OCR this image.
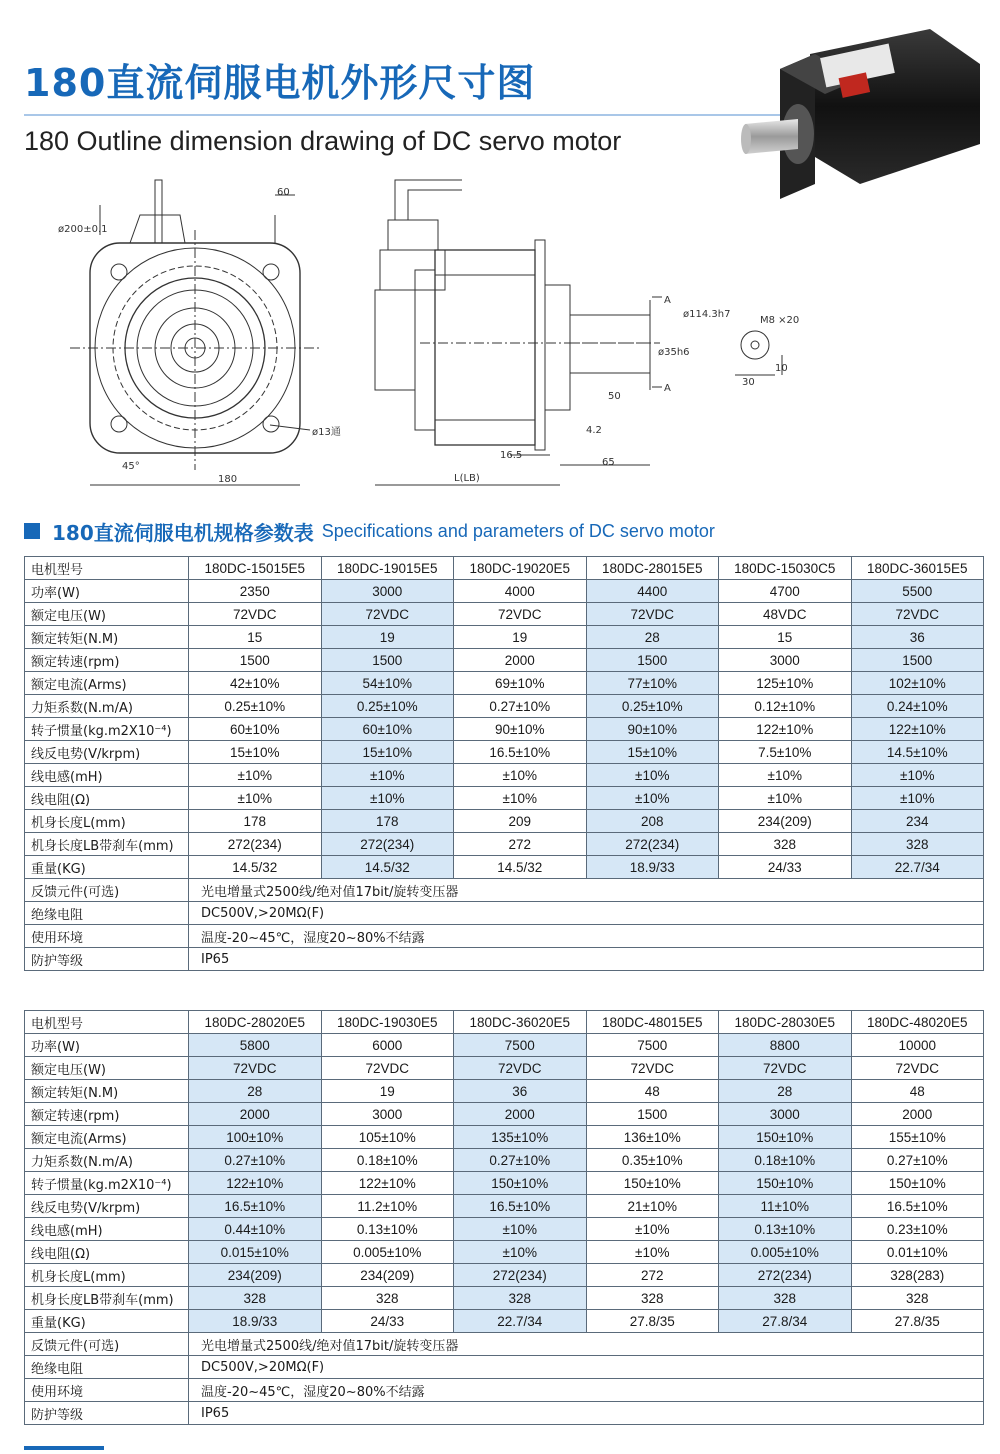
180直流伺服电机外形尺寸图
180 Outline dimension drawing of DC servo motor
ø200±0.1
60
ø13通
45°
180
A
A
ø114.3h7
ø35h6
50
4.2
16.5
65
L(LB)
M8 ×20
30
10
180直流伺服电机规格参数表 Specifications and parameters of DC servo motor
电机型号	180DC-15015E5	180DC-19015E5	180DC-19020E5	180DC-28015E5	180DC-15030C5	180DC-36015E5
功率(W)	2350	3000	4000	4400	4700	5500
额定电压(W)	72VDC	72VDC	72VDC	72VDC	48VDC	72VDC
额定转矩(N.M)	15	19	19	28	15	36
额定转速(rpm)	1500	1500	2000	1500	3000	1500
额定电流(Arms)	42±10%	54±10%	69±10%	77±10%	125±10%	102±10%
力矩系数(N.m/A)	0.25±10%	0.25±10%	0.27±10%	0.25±10%	0.12±10%	0.24±10%
转子惯量(kg.m2X10⁻⁴)	60±10%	60±10%	90±10%	90±10%	122±10%	122±10%
线反电势(V/krpm)	15±10%	15±10%	16.5±10%	15±10%	7.5±10%	14.5±10%
线电感(mH)	±10%	±10%	±10%	±10%	±10%	±10%
线电阻(Ω)	±10%	±10%	±10%	±10%	±10%	±10%
机身长度L(mm)	178	178	209	208	234(209)	234
机身长度LB带刹车(mm)	272(234)	272(234)	272	272(234)	328	328
重量(KG)	14.5/32	14.5/32	14.5/32	18.9/33	24/33	22.7/34
反馈元件(可选)	光电增量式2500线/绝对值17bit/旋转变压器					
绝缘电阻	DC500V,>20MΩ(F)					
使用环境	温度-20~45℃，湿度20~80%不结露					
防护等级	IP65					
电机型号	180DC-28020E5	180DC-19030E5	180DC-36020E5	180DC-48015E5	180DC-28030E5	180DC-48020E5
功率(W)	5800	6000	7500	7500	8800	10000
额定电压(W)	72VDC	72VDC	72VDC	72VDC	72VDC	72VDC
额定转矩(N.M)	28	19	36	48	28	48
额定转速(rpm)	2000	3000	2000	1500	3000	2000
额定电流(Arms)	100±10%	105±10%	135±10%	136±10%	150±10%	155±10%
力矩系数(N.m/A)	0.27±10%	0.18±10%	0.27±10%	0.35±10%	0.18±10%	0.27±10%
转子惯量(kg.m2X10⁻⁴)	122±10%	122±10%	150±10%	150±10%	150±10%	150±10%
线反电势(V/krpm)	16.5±10%	11.2±10%	16.5±10%	21±10%	11±10%	16.5±10%
线电感(mH)	0.44±10%	0.13±10%	±10%	±10%	0.13±10%	0.23±10%
线电阻(Ω)	0.015±10%	0.005±10%	±10%	±10%	0.005±10%	0.01±10%
机身长度L(mm)	234(209)	234(209)	272(234)	272	272(234)	328(283)
机身长度LB带刹车(mm)	328	328	328	328	328	328
重量(KG)	18.9/33	24/33	22.7/34	27.8/35	27.8/34	27.8/35
反馈元件(可选)	光电增量式2500线/绝对值17bit/旋转变压器					
绝缘电阻	DC500V,>20MΩ(F)					
使用环境	温度-20~45℃，湿度20~80%不结露					
防护等级	IP65					
